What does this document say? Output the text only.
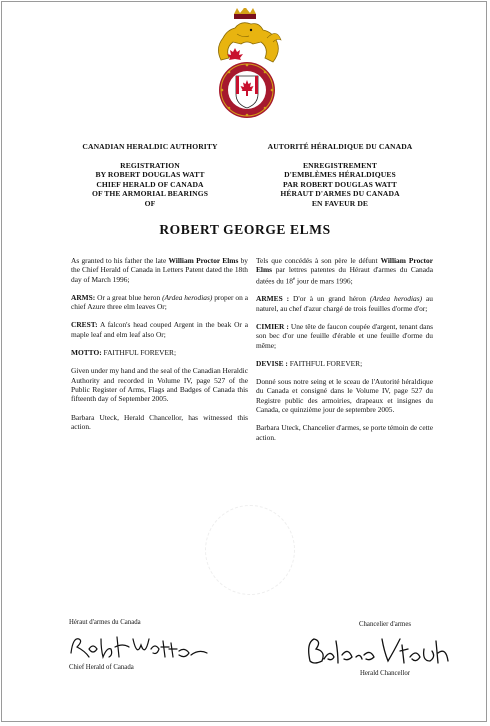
CANADIAN HERALDIC AUTHORITY
REGISTRATION
BY ROBERT DOUGLAS WATT
CHIEF HERALD OF CANADA
OF THE ARMORIAL BEARINGS
OF
AUTORITÉ HÉRALDIQUE DU CANADA
ENREGISTREMENT
D'EMBLÈMES HÉRALDIQUES
PAR ROBERT DOUGLAS WATT
HÉRAUT D'ARMES DU CANADA
EN FAVEUR DE
ROBERT GEORGE ELMS

As granted to his father the late William Proctor Elms by the Chief Herald of Canada in Letters Patent dated the 18th day of March 1996;

ARMS: Or a great blue heron (Ardea herodias) proper on a chief Azure three elm leaves Or;

CREST: A falcon's head couped Argent in the beak Or a maple leaf and elm leaf also Or;

MOTTO: FAITHFUL FOREVER;

Given under my hand and the seal of the Canadian Heraldic Authority and recorded in Volume IV, page 527 of the Public Register of Arms, Flags and Badges of Canada this fifteenth day of September 2005.

Barbara Uteck, Herald Chancellor, has witnessed this action.

Tels que concédés à son père le défunt William Proctor Elms par lettres patentes du Héraut d'armes du Canada datées du 18e jour de mars 1996;

ARMES : D'or à un grand héron (Ardea herodias) au naturel, au chef d'azur chargé de trois feuilles d'orme d'or;

CIMIER : Une tête de faucon coupée d'argent, tenant dans son bec d'or une feuille d'érable et une feuille d'orme du même;

DEVISE : FAITHFUL FOREVER;

Donné sous notre seing et le sceau de l'Autorité héraldique du Canada et consigné dans le Volume IV, page 527 du Registre public des armoiries, drapeaux et insignes du Canada, ce quinzième jour de septembre 2005.

Barbara Uteck, Chancelier d'armes, se porte témoin de cette action.

Héraut d'armes du Canada
Chief Herald of Canada
Chancelier d'armes
Herald Chancellor
